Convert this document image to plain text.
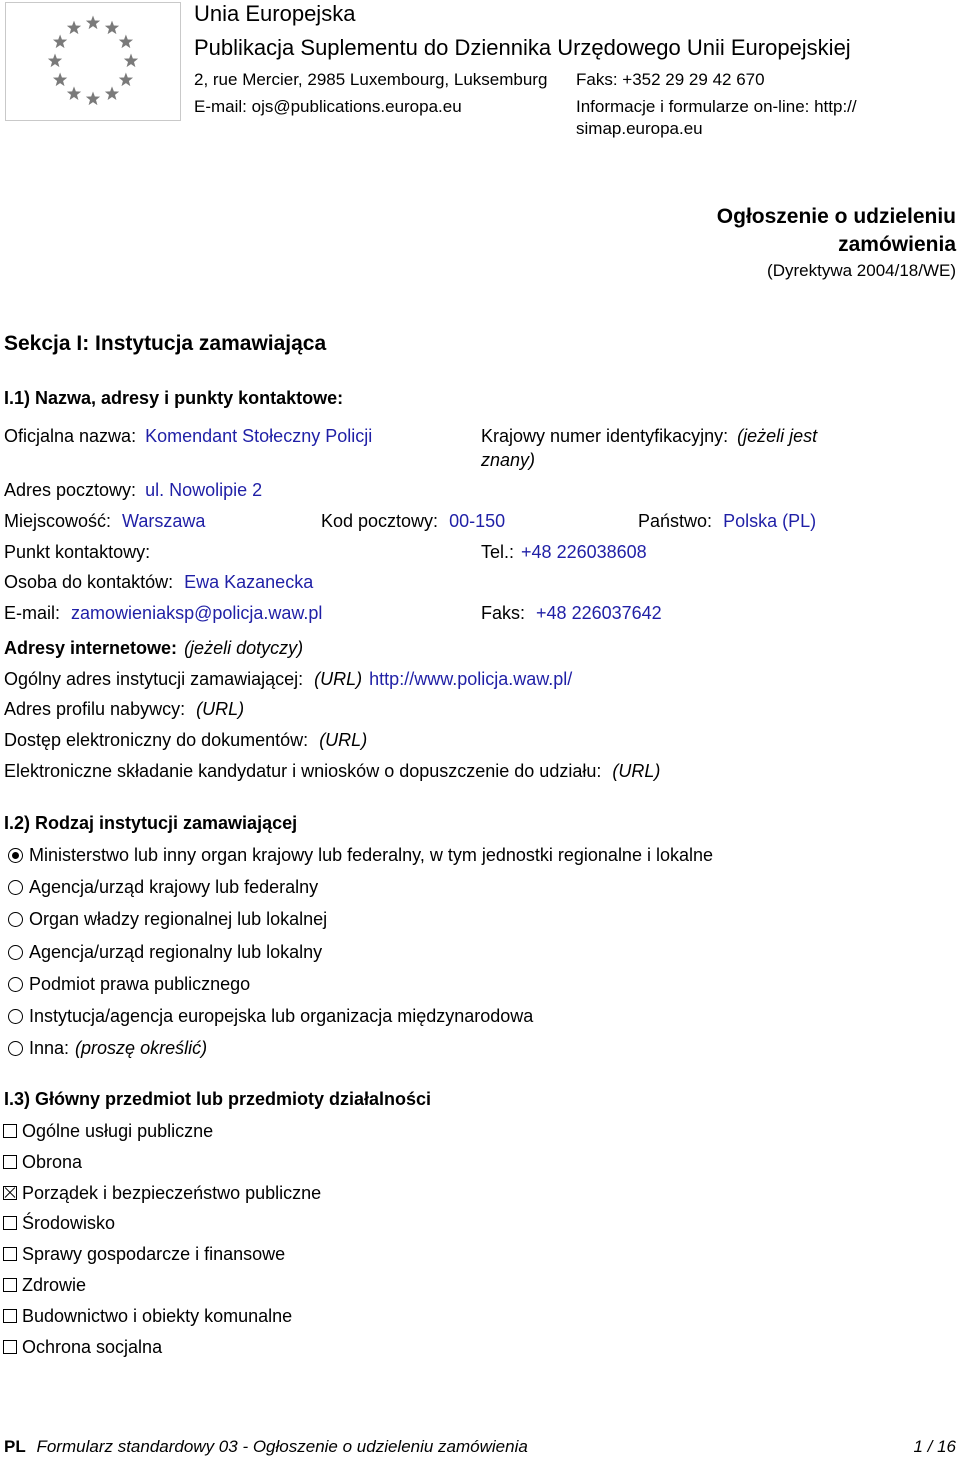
Unia Europejska
Publikacja Suplementu do Dziennika Urzędowego Unii Europejskiej
2, rue Mercier, 2985 Luxembourg, Luksemburg Faks: +352 29 29 42 670
E-mail: ojs@publications.europa.eu	Informacje i formularze on-line: http://
simap.europa.eu
Ogłoszenie o udzieleniu
zamówienia
(Dyrektywa 2004/18/WE)
Sekcja I: Instytucja zamawiająca
I.1) Nazwa, adresy i punkty kontaktowe:
Oficjalna nazwa: Komendant Stołeczny Policji	Krajowy numer identyfikacyjny: (jeżeli jest
znany)
Adres pocztowy: ul. Nowolipie 2
Miejscowość: Warszawa	Kod pocztowy: 00-150	Państwo: Polska (PL)
Punkt kontaktowy:	Tel.: +48 226038608
Osoba do kontaktów: Ewa Kazanecka
E-mail: zamowieniaksp@policja.waw.pl	Faks: +48 226037642
Adresy internetowe: (jeżeli dotyczy)
Ogólny adres instytucji zamawiającej: (URL) http://www.policja.waw.pl/
Adres profilu nabywcy: (URL)
Dostęp elektroniczny do dokumentów: (URL)
Elektroniczne składanie kandydatur i wniosków o dopuszczenie do udziału: (URL)
I.2) Rodzaj instytucji zamawiającej
Ministerstwo lub inny organ krajowy lub federalny, w tym jednostki regionalne i lokalne
Agencja/urząd krajowy lub federalny
Organ władzy regionalnej lub lokalnej
Agencja/urząd regionalny lub lokalny
Podmiot prawa publicznego
Instytucja/agencja europejska lub organizacja międzynarodowa
Inna: (proszę określić)
I.3) Główny przedmiot lub przedmioty działalności
Ogólne usługi publiczne
Obrona
Porządek i bezpieczeństwo publiczne
Środowisko
Sprawy gospodarcze i finansowe
Zdrowie
Budownictwo i obiekty komunalne
Ochrona socjalna
PL Formularz standardowy 03 - Ogłoszenie o udzieleniu zamówienia	1 / 16
